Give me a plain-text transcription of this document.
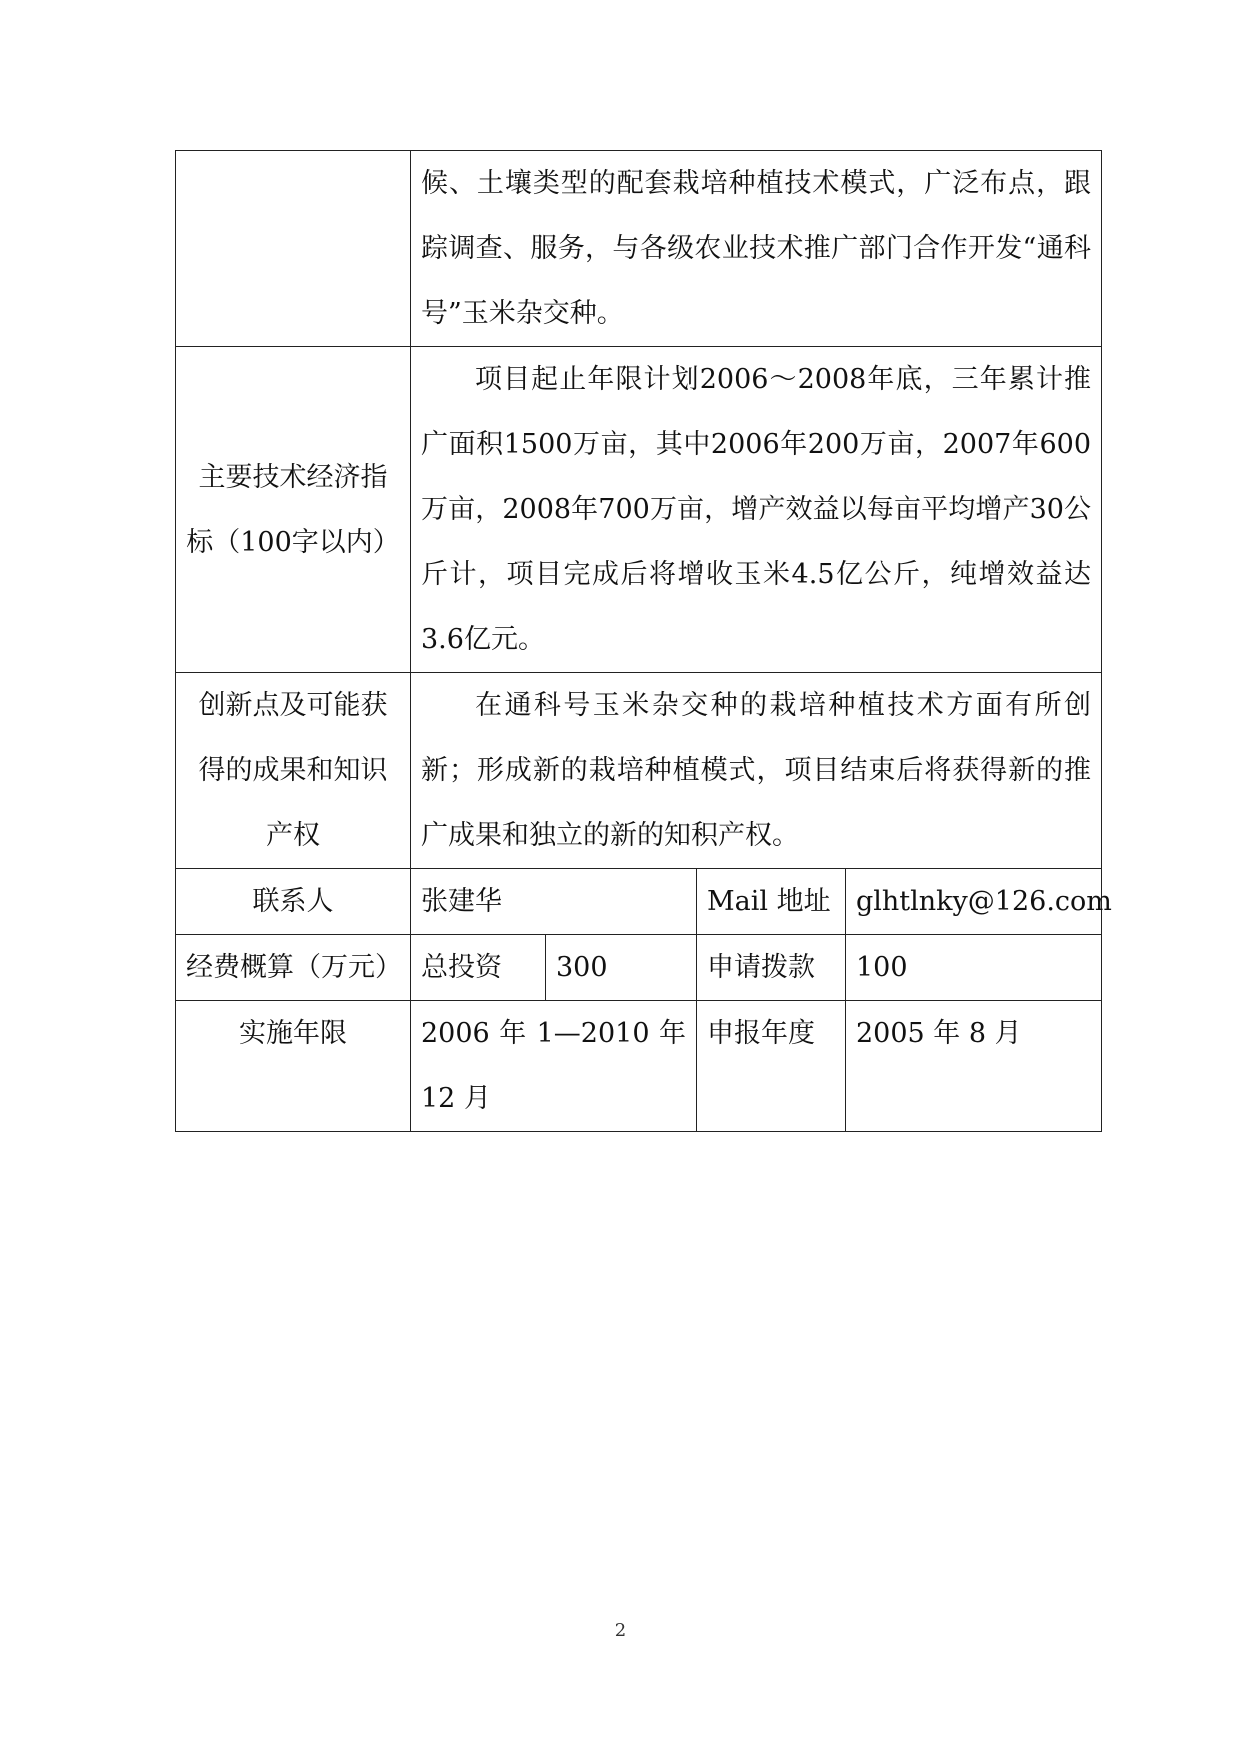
	候、土壤类型的配套栽培种植技术模式，广泛布点，跟踪调查、服务，与各级农业技术推广部门合作开发“通科号”玉米杂交种。			
主要技术经济指标（100字以内）	项目起止年限计划2006～2008年底，三年累计推广面积1500万亩，其中2006年200万亩，2007年600万亩，2008年700万亩，增产效益以每亩平均增产30公斤计，项目完成后将增收玉米4.5亿公斤，纯增效益达3.6亿元。			
创新点及可能获得的成果和知识产权	在通科号玉米杂交种的栽培种植技术方面有所创新；形成新的栽培种植模式，项目结束后将获得新的推广成果和独立的新的知积产权。			
联系人	张建华		Mail 地址	glhtlnky@126.com
经费概算（万元）	总投资	300	申请拨款	100
实施年限	2006 年 1—2010 年 12 月		申报年度	2005 年 8 月
2
